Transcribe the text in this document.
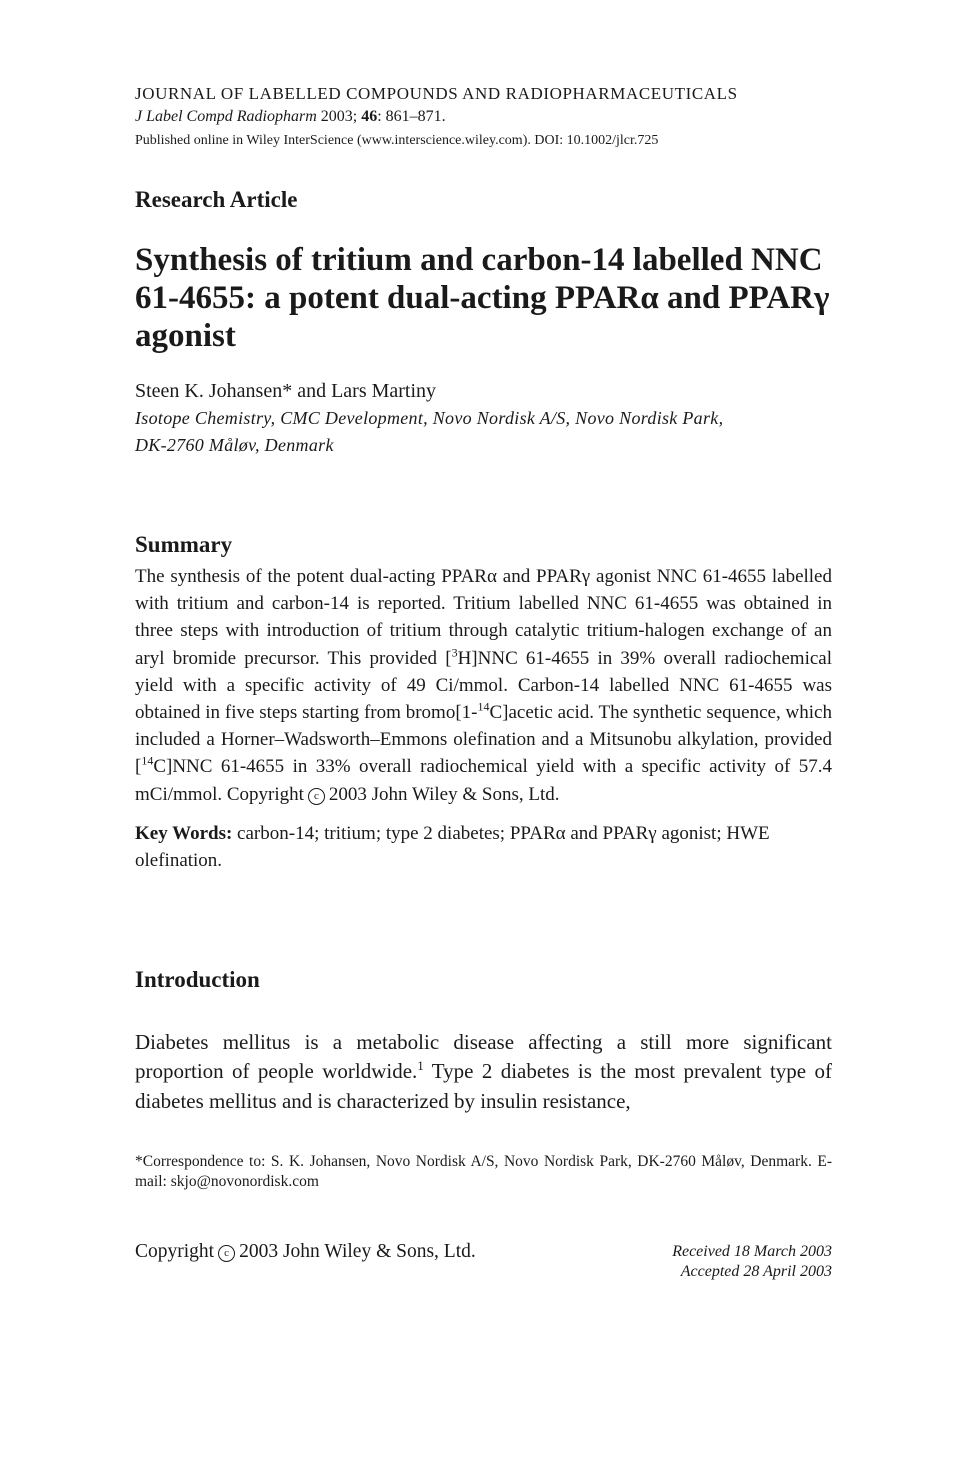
JOURNAL OF LABELLED COMPOUNDS AND RADIOPHARMACEUTICALS
J Label Compd Radiopharm 2003; 46: 861–871.
Published online in Wiley InterScience (www.interscience.wiley.com). DOI: 10.1002/jlcr.725
Research Article
Synthesis of tritium and carbon-14 labelled NNC 61-4655: a potent dual-acting PPARα and PPARγ agonist
Steen K. Johansen* and Lars Martiny
Isotope Chemistry, CMC Development, Novo Nordisk A/S, Novo Nordisk Park,
DK-2760 Måløv, Denmark
Summary
The synthesis of the potent dual-acting PPARα and PPARγ agonist NNC 61-4655 labelled with tritium and carbon-14 is reported. Tritium labelled NNC 61-4655 was obtained in three steps with introduction of tritium through catalytic tritium-halogen exchange of an aryl bromide precursor. This provided [$^3$H]NNC 61-4655 in 39% overall radiochemical yield with a specific activity of 49 Ci/mmol. Carbon-14 labelled NNC 61-4655 was obtained in five steps starting from bromo[1-$^{14}$C]acetic acid. The synthetic sequence, which included a Horner–Wadsworth–Emmons olefination and a Mitsunobu alkylation, provided [$^{14}$C]NNC 61-4655 in 33% overall radiochemical yield with a specific activity of 57.4 mCi/mmol. Copyright c 2003 John Wiley & Sons, Ltd.
Key Words: carbon-14; tritium; type 2 diabetes; PPARα and PPARγ agonist; HWE olefination.
Introduction
Diabetes mellitus is a metabolic disease affecting a still more significant proportion of people worldwide.$^1$ Type 2 diabetes is the most prevalent type of diabetes mellitus and is characterized by insulin resistance,
*Correspondence to: S. K. Johansen, Novo Nordisk A/S, Novo Nordisk Park, DK-2760 Måløv, Denmark. E-mail: skjo@novonordisk.com
Copyright c 2003 John Wiley & Sons, Ltd.	Received 18 March 2003
Accepted 28 April 2003
